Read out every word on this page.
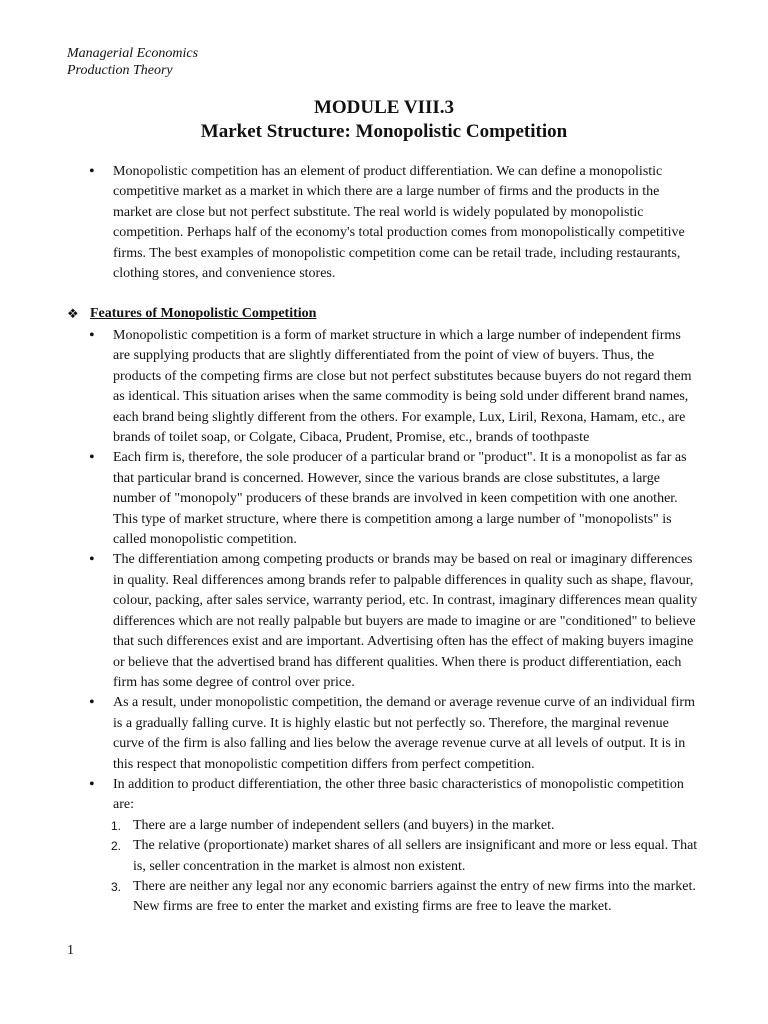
Managerial Economics
Production Theory
MODULE VIII.3
Market Structure: Monopolistic Competition

• Monopolistic competition has an element of product differentiation. We can define a monopolistic competitive market as a market in which there are a large number of firms and the products in the market are close but not perfect substitute. The real world is widely populated by monopolistic competition. Perhaps half of the economy's total production comes from monopolistically competitive firms. The best examples of monopolistic competition come can be retail trade, including restaurants, clothing stores, and convenience stores.

❖ Features of Monopolistic Competition

• Monopolistic competition is a form of market structure in which a large number of independent firms are supplying products that are slightly differentiated from the point of view of buyers. Thus, the products of the competing firms are close but not perfect substitutes because buyers do not regard them as identical. This situation arises when the same commodity is being sold under different brand names, each brand being slightly different from the others. For example, Lux, Liril, Rexona, Hamam, etc., are brands of toilet soap, or Colgate, Cibaca, Prudent, Promise, etc., brands of toothpaste

• Each firm is, therefore, the sole producer of a particular brand or "product". It is a monopolist as far as that particular brand is concerned. However, since the various brands are close substitutes, a large number of "monopoly" producers of these brands are involved in keen competition with one another. This type of market structure, where there is competition among a large number of "monopolists" is called monopolistic competition.

• The differentiation among competing products or brands may be based on real or imaginary differences in quality. Real differences among brands refer to palpable differences in quality such as shape, flavour, colour, packing, after sales service, warranty period, etc. In contrast, imaginary differences mean quality differences which are not really palpable but buyers are made to imagine or are "conditioned" to believe that such differences exist and are important. Advertising often has the effect of making buyers imagine or believe that the advertised brand has different qualities. When there is product differentiation, each firm has some degree of control over price.

• As a result, under monopolistic competition, the demand or average revenue curve of an individual firm is a gradually falling curve. It is highly elastic but not perfectly so. Therefore, the marginal revenue curve of the firm is also falling and lies below the average revenue curve at all levels of output. It is in this respect that monopolistic competition differs from perfect competition.

• In addition to product differentiation, the other three basic characteristics of monopolistic competition are:

1. There are a large number of independent sellers (and buyers) in the market.
2. The relative (proportionate) market shares of all sellers are insignificant and more or less equal. That is, seller concentration in the market is almost non existent.
3. There are neither any legal nor any economic barriers against the entry of new firms into the market. New firms are free to enter the market and existing firms are free to leave the market.
1
